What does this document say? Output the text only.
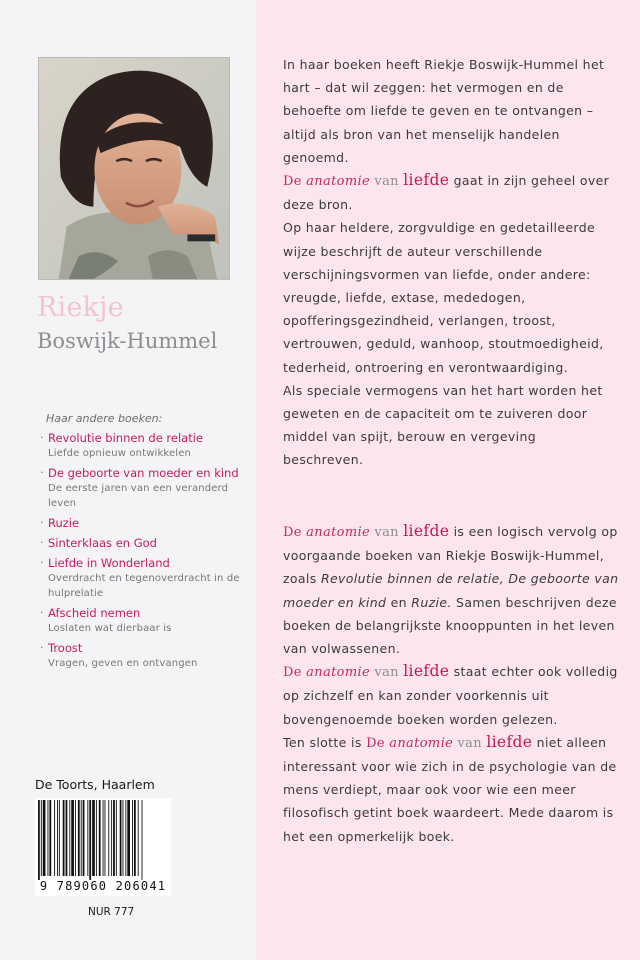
Riekje
Boswijk-Hummel
Haar andere boeken:
· Revolutie binnen de relatie
Liefde opnieuw ontwikkelen
· De geboorte van moeder en kind
De eerste jaren van een veranderd leven
· Ruzie
· Sinterklaas en God
· Liefde in Wonderland
Overdracht en tegenoverdracht in de hulprelatie
· Afscheid nemen
Loslaten wat dierbaar is
· Troost
Vragen, geven en ontvangen
De Toorts, Haarlem
9 789060 206041
NUR 777

In haar boeken heeft Riekje Boswijk-Hummel het hart – dat wil zeggen: het vermogen en de behoefte om liefde te geven en te ontvangen – altijd als bron van het menselijk handelen genoemd.

De anatomie van liefde gaat in zijn geheel over deze bron.

Op haar heldere, zorgvuldige en gedetailleerde wijze beschrijft de auteur verschillende verschijningsvormen van liefde, onder andere: vreugde, liefde, extase, mededogen, opofferingsgezindheid, verlangen, troost, vertrouwen, geduld, wanhoop, stoutmoedigheid, tederheid, ontroering en verontwaardiging.

Als speciale vermogens van het hart worden het geweten en de capaciteit om te zuiveren door middel van spijt, berouw en vergeving beschreven.

De anatomie van liefde is een logisch vervolg op voorgaande boeken van Riekje Boswijk-Hummel, zoals Revolutie binnen de relatie, De geboorte van moeder en kind en Ruzie. Samen beschrijven deze boeken de belangrijkste knooppunten in het leven van volwassenen.

De anatomie van liefde staat echter ook volledig op zichzelf en kan zonder voorkennis uit bovengenoemde boeken worden gelezen.

Ten slotte is De anatomie van liefde niet alleen interessant voor wie zich in de psychologie van de mens verdiept, maar ook voor wie een meer filosofisch getint boek waardeert. Mede daarom is het een opmerkelijk boek.
